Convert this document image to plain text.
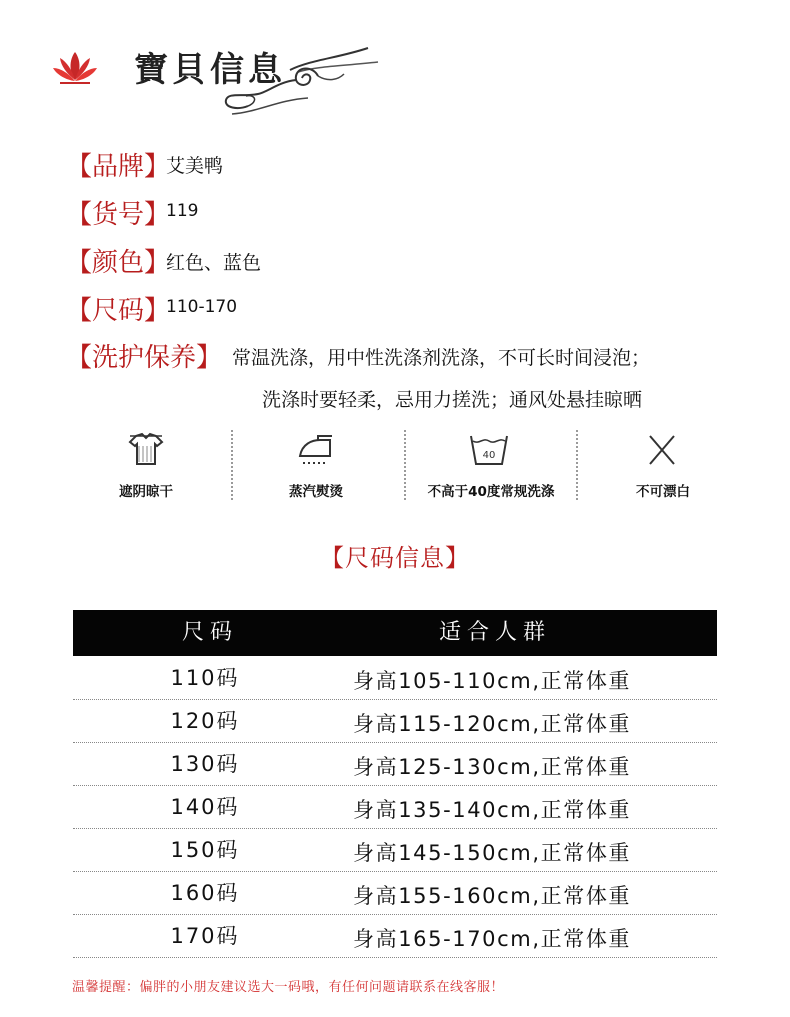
寶貝信息
【品牌】
艾美鸭
【货号】
119
【颜色】
红色、蓝色
【尺码】
110-170
【洗护保养】 常温洗涤，用中性洗涤剂洗涤，不可长时间浸泡；
洗涤时要轻柔，忌用力搓洗；通风处悬挂晾晒
遮阴晾干	蒸汽熨烫
40
不高于40度常规洗涤	不可漂白
【尺码信息】
尺码	适合人群
110码	身高105-110cm,正常体重
120码	身高115-120cm,正常体重
130码	身高125-130cm,正常体重
140码	身高135-140cm,正常体重
150码	身高145-150cm,正常体重
160码	身高155-160cm,正常体重
170码	身高165-170cm,正常体重
温馨提醒：偏胖的小朋友建议选大一码哦，有任何问题请联系在线客服！
